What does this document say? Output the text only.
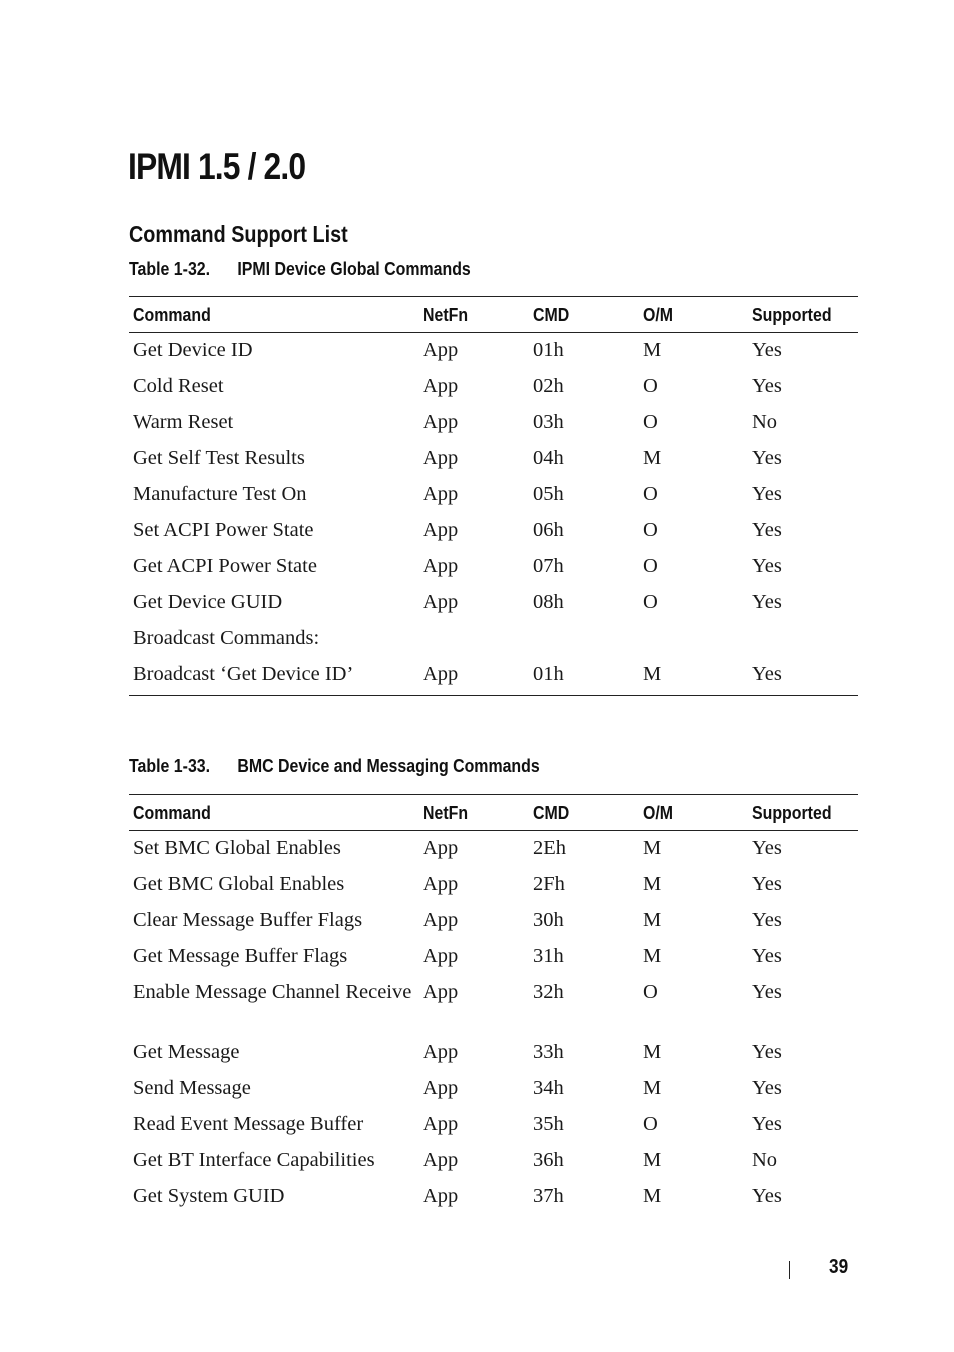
IPMI 1.5 / 2.0
Command Support List
Table 1-32. IPMI Device Global Commands
Command	NetFn	CMD	O/M	Supported
Get Device ID	App	01h	M	Yes
Cold Reset	App	02h	O	Yes
Warm Reset	App	03h	O	No
Get Self Test Results	App	04h	M	Yes
Manufacture Test On	App	05h	O	Yes
Set ACPI Power State	App	06h	O	Yes
Get ACPI Power State	App	07h	O	Yes
Get Device GUID	App	08h	O	Yes
Broadcast Commands:				
Broadcast ‘Get Device ID’	App	01h	M	Yes
Table 1-33. BMC Device and Messaging Commands
Command	NetFn	CMD	O/M	Supported
Set BMC Global Enables	App	2Eh	M	Yes
Get BMC Global Enables	App	2Fh	M	Yes
Clear Message Buffer Flags	App	30h	M	Yes
Get Message Buffer Flags	App	31h	M	Yes
Enable Message Channel Receive	App	32h	O	Yes
Get Message	App	33h	M	Yes
Send Message	App	34h	M	Yes
Read Event Message Buffer	App	35h	O	Yes
Get BT Interface Capabilities	App	36h	M	No
Get System GUID	App	37h	M	Yes
39
